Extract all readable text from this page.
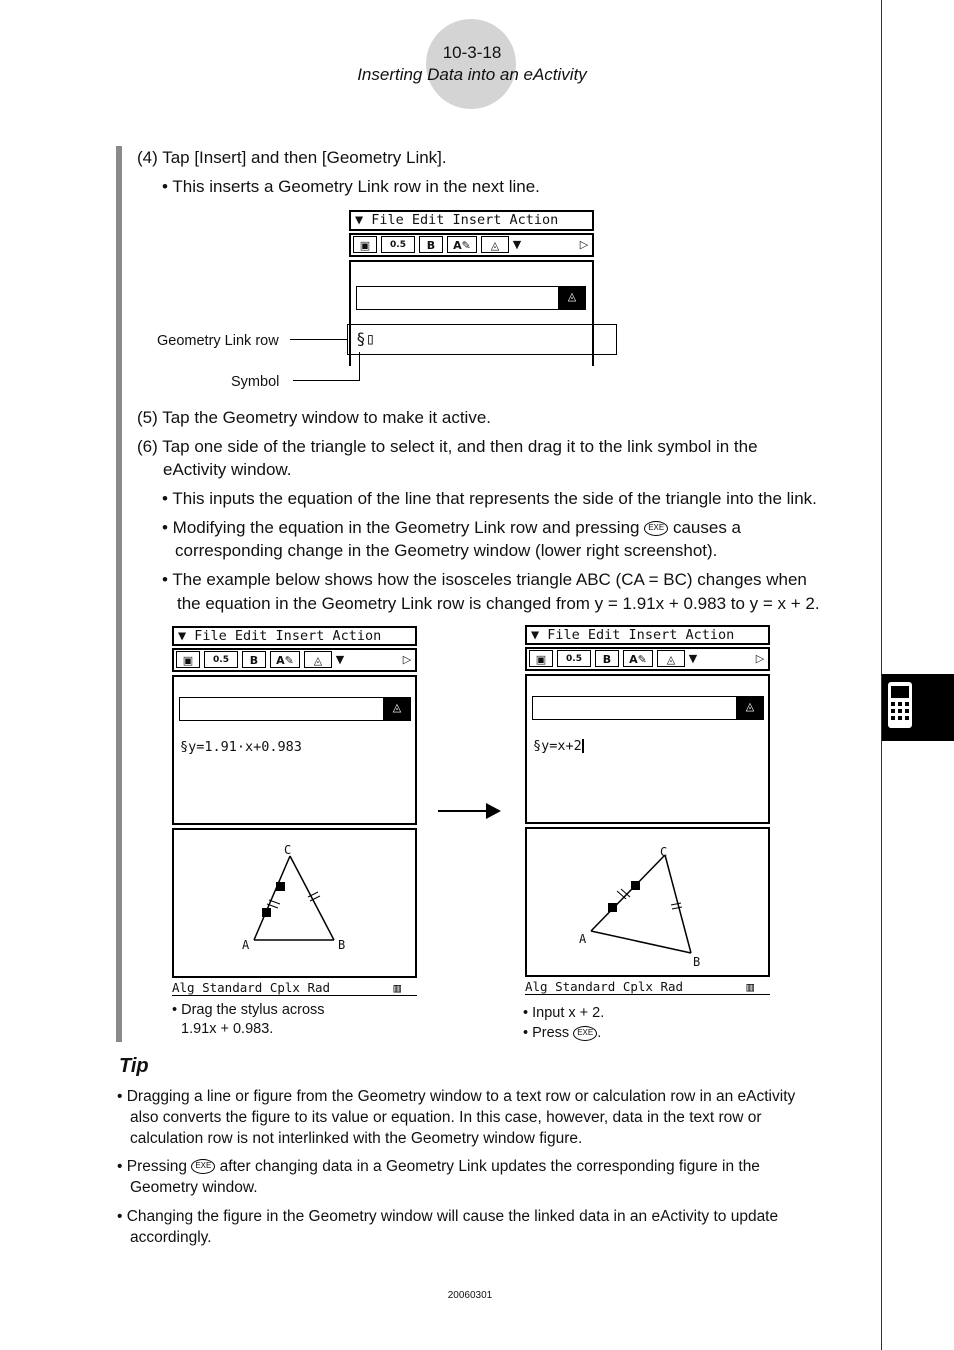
10-3-18
Inserting Data into an eActivity
(4) Tap [Insert] and then [Geometry Link].
• This inserts a Geometry Link row in the next line.
▼ File Edit Insert Action
▣	0.5	B	A✎	◬	▼	▷
◬
§▯
Geometry Link row
Symbol
(5) Tap the Geometry window to make it active.
(6) Tap one side of the triangle to select it, and then drag it to the link symbol in the
eActivity window.
• This inputs the equation of the line that represents the side of the triangle into the link.
• Modifying the equation in the Geometry Link row and pressing EXE causes a
corresponding change in the Geometry window (lower right screenshot).
• The example below shows how the isosceles triangle ABC (CA = BC) changes when
the equation in the Geometry Link row is changed from y = 1.91x + 0.983 to y = x + 2.
▼ File Edit Insert Action
▣	0.5	B	A✎	◬	▼	▷
◬
§y=1.91·x+0.983
A	B
C
Alg Standard Cplx Rad	▥
• Drag the stylus across
1.91x + 0.983.
▼ File Edit Insert Action
▣	0.5	B	A✎	◬	▼	▷
◬
§y=x+2
A
B
C
Alg Standard Cplx Rad	▥
• Input x + 2.
• Press EXE .
Tip
• Dragging a line or figure from the Geometry window to a text row or calculation row in an eActivity
also converts the figure to its value or equation. In this case, however, data in the text row or
calculation row is not interlinked with the Geometry window figure.
• Pressing EXE after changing data in a Geometry Link updates the corresponding figure in the
Geometry window.
• Changing the figure in the Geometry window will cause the linked data in an eActivity to update
accordingly.
20060301
